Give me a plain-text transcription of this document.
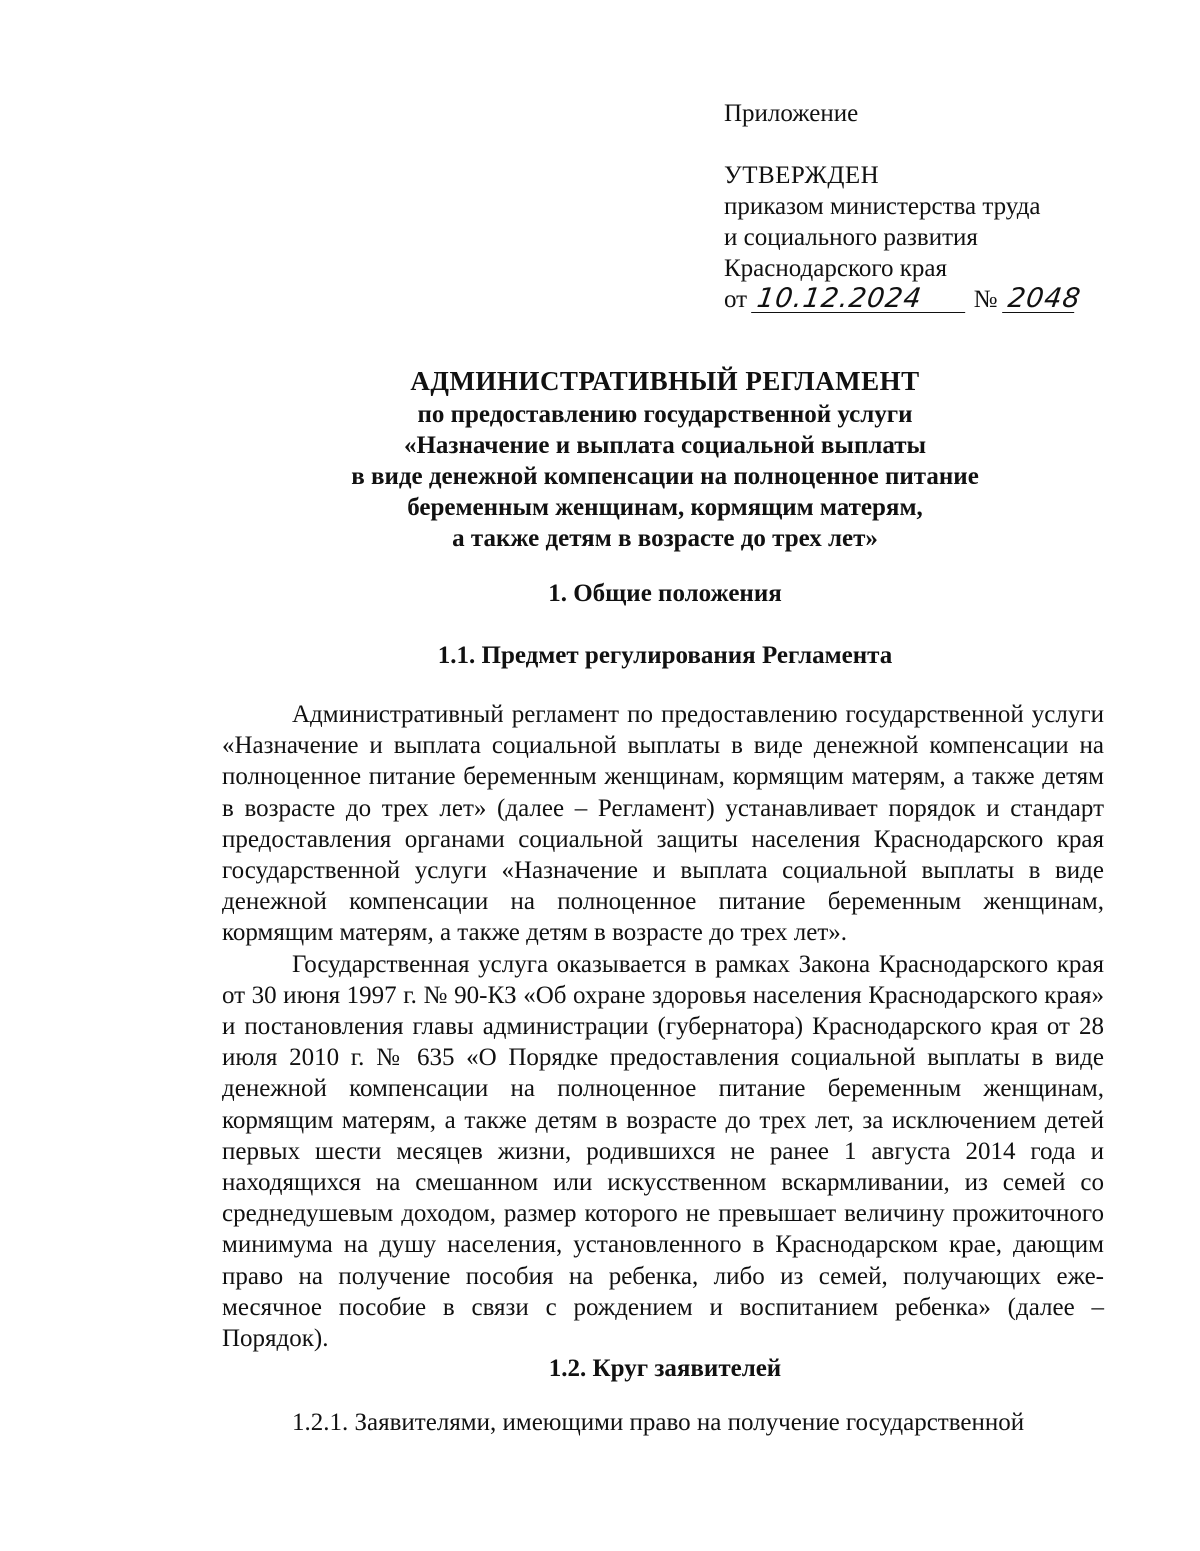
Приложение

УТВЕРЖДЕН

приказом министерства труда

и социального развития

Краснодарского края

от 10.12.2024 № 2048

АДМИНИСТРАТИВНЫЙ РЕГЛАМЕНТ

по предоставлению государственной услуги

«Назначение и выплата социальной выплаты

в виде денежной компенсации на полноценное питание

беременным женщинам, кормящим матерям,

а также детям в возрасте до трех лет»

1. Общие положения
1.1. Предмет регулирования Регламента

Административный регламент по предоставлению государственной услуги «Назначение и выплата социальной выплаты в виде денежной компенсации на полноценное питание беременным женщинам, кормящим матерям, а также детям в возрасте до трех лет» (далее – Регламент) устанавливает порядок и стандарт предоставления органами социальной защиты населения Краснодарского края государственной услуги «Назначение и выплата социальной выплаты в виде денежной компенсации на полноценное питание беременным женщинам, кормящим матерям, а также детям в возрасте до трех лет».

Государственная услуга оказывается в рамках Закона Краснодарского края от 30 июня 1997 г. № 90-КЗ «Об охране здоровья населения Краснодарского края» и постановления главы администрации (губернатора) Краснодарского края от 28 июля 2010 г. № 635 «О Порядке предоставления социальной выплаты в виде денежной компенсации на полноценное питание беременным женщинам, кормящим матерям, а также детям в возрасте до трех лет, за исключением детей первых шести месяцев жизни, родившихся не ранее 1 августа 2014 года и находящихся на смешанном или искусственном вскармливании, из семей со среднедушевым доходом, размер которого не превышает величину прожиточного минимума на душу населения, установленного в Краснодарском крае, дающим право на получение пособия на ребенка, либо из семей, получающих ежемесячное пособие в связи с рождением и воспитанием ребенка» (далее – Порядок).

1.2. Круг заявителей

1.2.1. Заявителями, имеющими право на получение государственной
